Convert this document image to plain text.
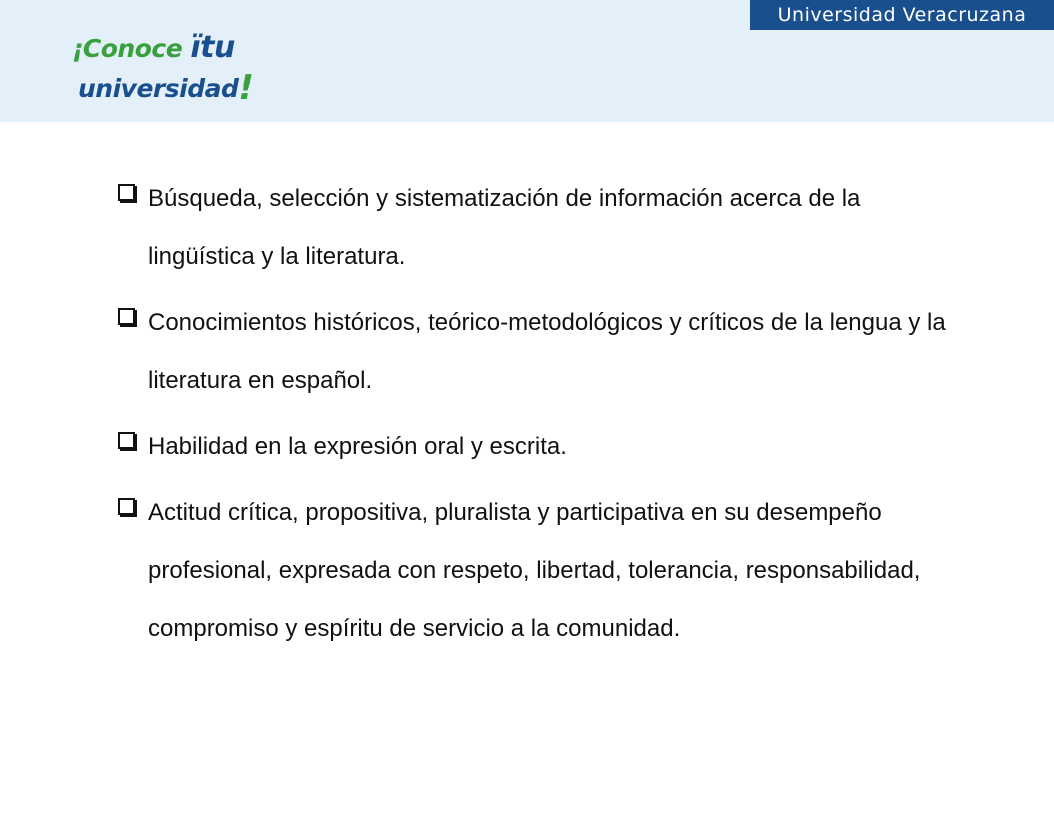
¡Conoce ïtu
universidad!
Universidad Veracruzana
Búsqueda, selección y sistematización de información acerca de la lingüística y la literatura.
Conocimientos históricos, teórico-metodológicos y críticos de la lengua y la literatura en español.
Habilidad en la expresión oral y escrita.
Actitud crítica, propositiva, pluralista y participativa en su desempeño profesional, expresada con respeto, libertad, tolerancia, responsabilidad, compromiso y espíritu de servicio a la comunidad.
